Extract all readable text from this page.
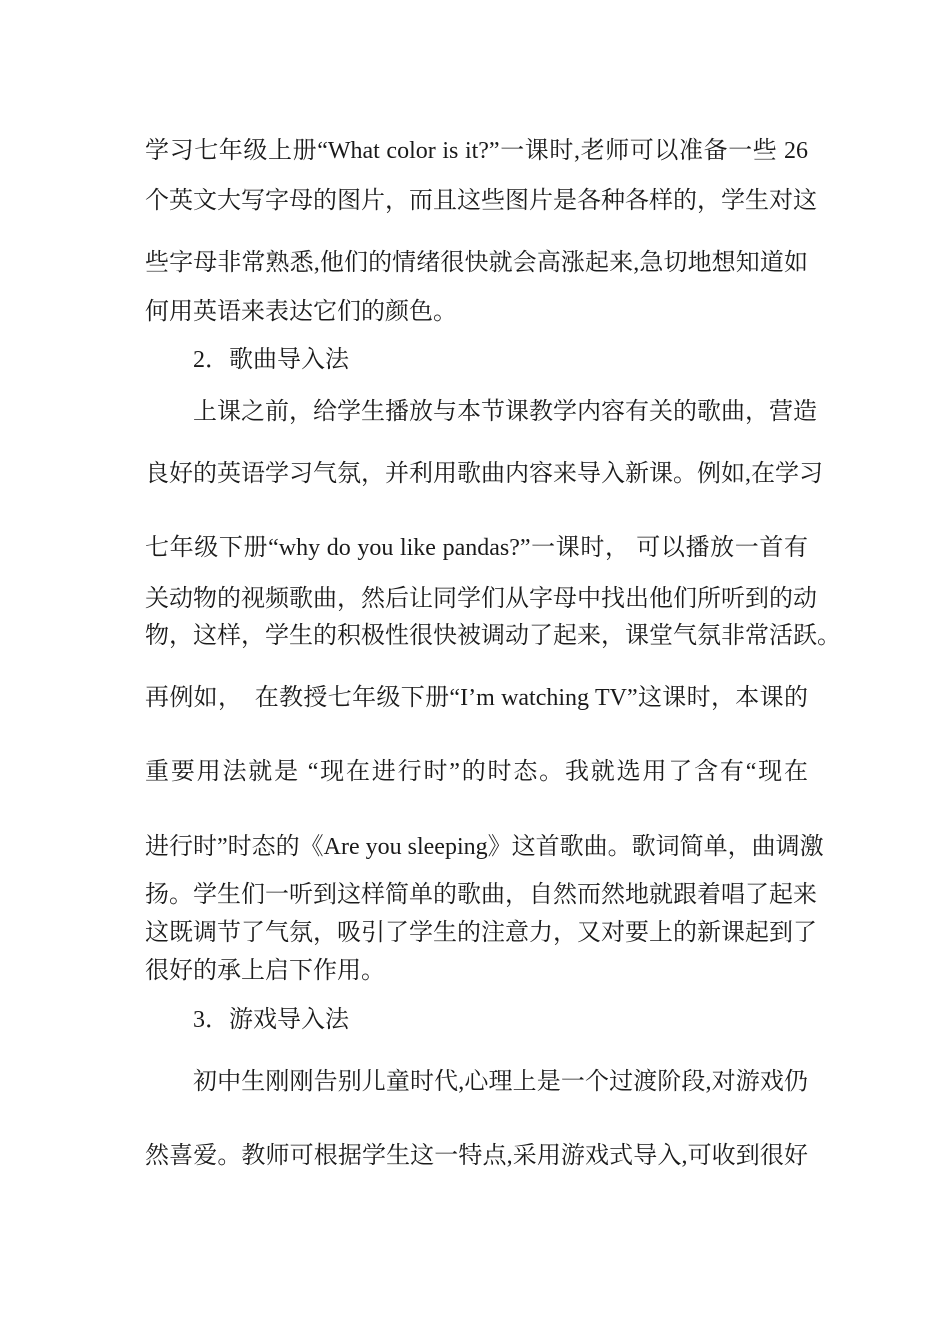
学习七年级上册“What color is it?”一课时,老师可以准备一些 26
个英文大写字母的图片，而且这些图片是各种各样的，学生对这
些字母非常熟悉,他们的情绪很快就会高涨起来,急切地想知道如
何用英语来表达它们的颜色。
2．歌曲导入法
上课之前，给学生播放与本节课教学内容有关的歌曲，营造
良好的英语学习气氛，并利用歌曲内容来导入新课。例如,在学习
七年级下册“why do you like pandas?”一课时， 可以播放一首有
关动物的视频歌曲，然后让同学们从字母中找出他们所听到的动
物，这样，学生的积极性很快被调动了起来，课堂气氛非常活跃。
再例如，　在教授七年级下册“I’m watching TV”这课时，本课的
重要用法就是 “现在进行时”的时态。我就选用了含有“现在
进行时”时态的《Are you sleeping》这首歌曲。歌词简单，曲调激
扬。学生们一听到这样简单的歌曲，自然而然地就跟着唱了起来
这既调节了气氛，吸引了学生的注意力，又对要上的新课起到了
很好的承上启下作用。
3．游戏导入法
初中生刚刚告别儿童时代,心理上是一个过渡阶段,对游戏仍
然喜爱。教师可根据学生这一特点,采用游戏式导入,可收到很好
